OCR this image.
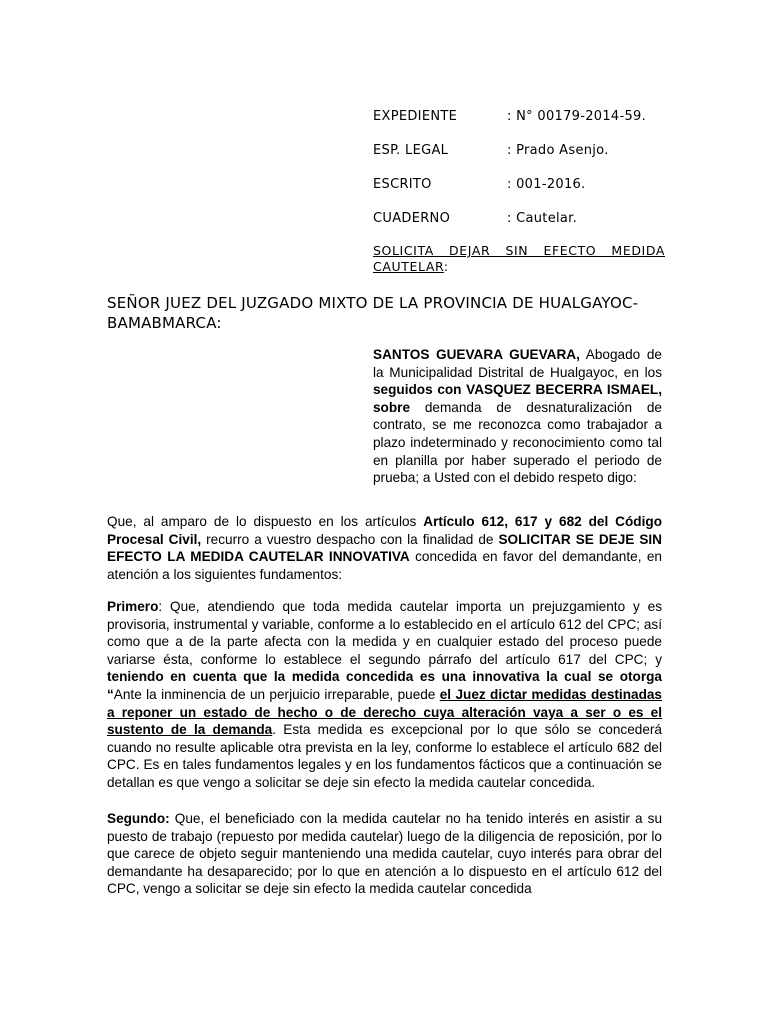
EXPEDIENTE	: N° 00179-2014-59.
ESP. LEGAL	: Prado Asenjo.
ESCRITO	: 001-2016.
CUADERNO	: Cautelar.
SOLICITA DEJAR SIN EFECTO MEDIDA CAUTELAR:
SEÑOR JUEZ DEL JUZGADO MIXTO DE LA PROVINCIA DE HUALGAYOC- BAMABMARCA:
SANTOS GUEVARA GUEVARA, Abogado de la Municipalidad Distrital de Hualgayoc, en los seguidos con VASQUEZ BECERRA ISMAEL, sobre demanda de desnaturalización de contrato, se me reconozca como trabajador a plazo indeterminado y reconocimiento como tal en planilla por haber superado el periodo de prueba; a Usted con el debido respeto digo:
Que, al amparo de lo dispuesto en los artículos Artículo 612, 617 y 682 del Código Procesal Civil, recurro a vuestro despacho con la finalidad de SOLICITAR SE DEJE SIN EFECTO LA MEDIDA CAUTELAR INNOVATIVA concedida en favor del demandante, en atención a los siguientes fundamentos:
Primero: Que, atendiendo que toda medida cautelar importa un prejuzgamiento y es provisoria, instrumental y variable, conforme a lo establecido en el artículo 612 del CPC; así como que a de la parte afecta con la medida y en cualquier estado del proceso puede variarse ésta, conforme lo establece el segundo párrafo del artículo 617 del CPC; y teniendo en cuenta que la medida concedida es una innovativa la cual se otorga “Ante la inminencia de un perjuicio irreparable, puede el Juez dictar medidas destinadas a reponer un estado de hecho o de derecho cuya alteración vaya a ser o es el sustento de la demanda. Esta medida es excepcional por lo que sólo se concederá cuando no resulte aplicable otra prevista en la ley, conforme lo establece el artículo 682 del CPC. Es en tales fundamentos legales y en los fundamentos fácticos que a continuación se detallan es que vengo a solicitar se deje sin efecto la medida cautelar concedida.
Segundo: Que, el beneficiado con la medida cautelar no ha tenido interés en asistir a su puesto de trabajo (repuesto por medida cautelar) luego de la diligencia de reposición, por lo que carece de objeto seguir manteniendo una medida cautelar, cuyo interés para obrar del demandante ha desaparecido; por lo que en atención a lo dispuesto en el artículo 612 del CPC, vengo a solicitar se deje sin efecto la medida cautelar concedida
